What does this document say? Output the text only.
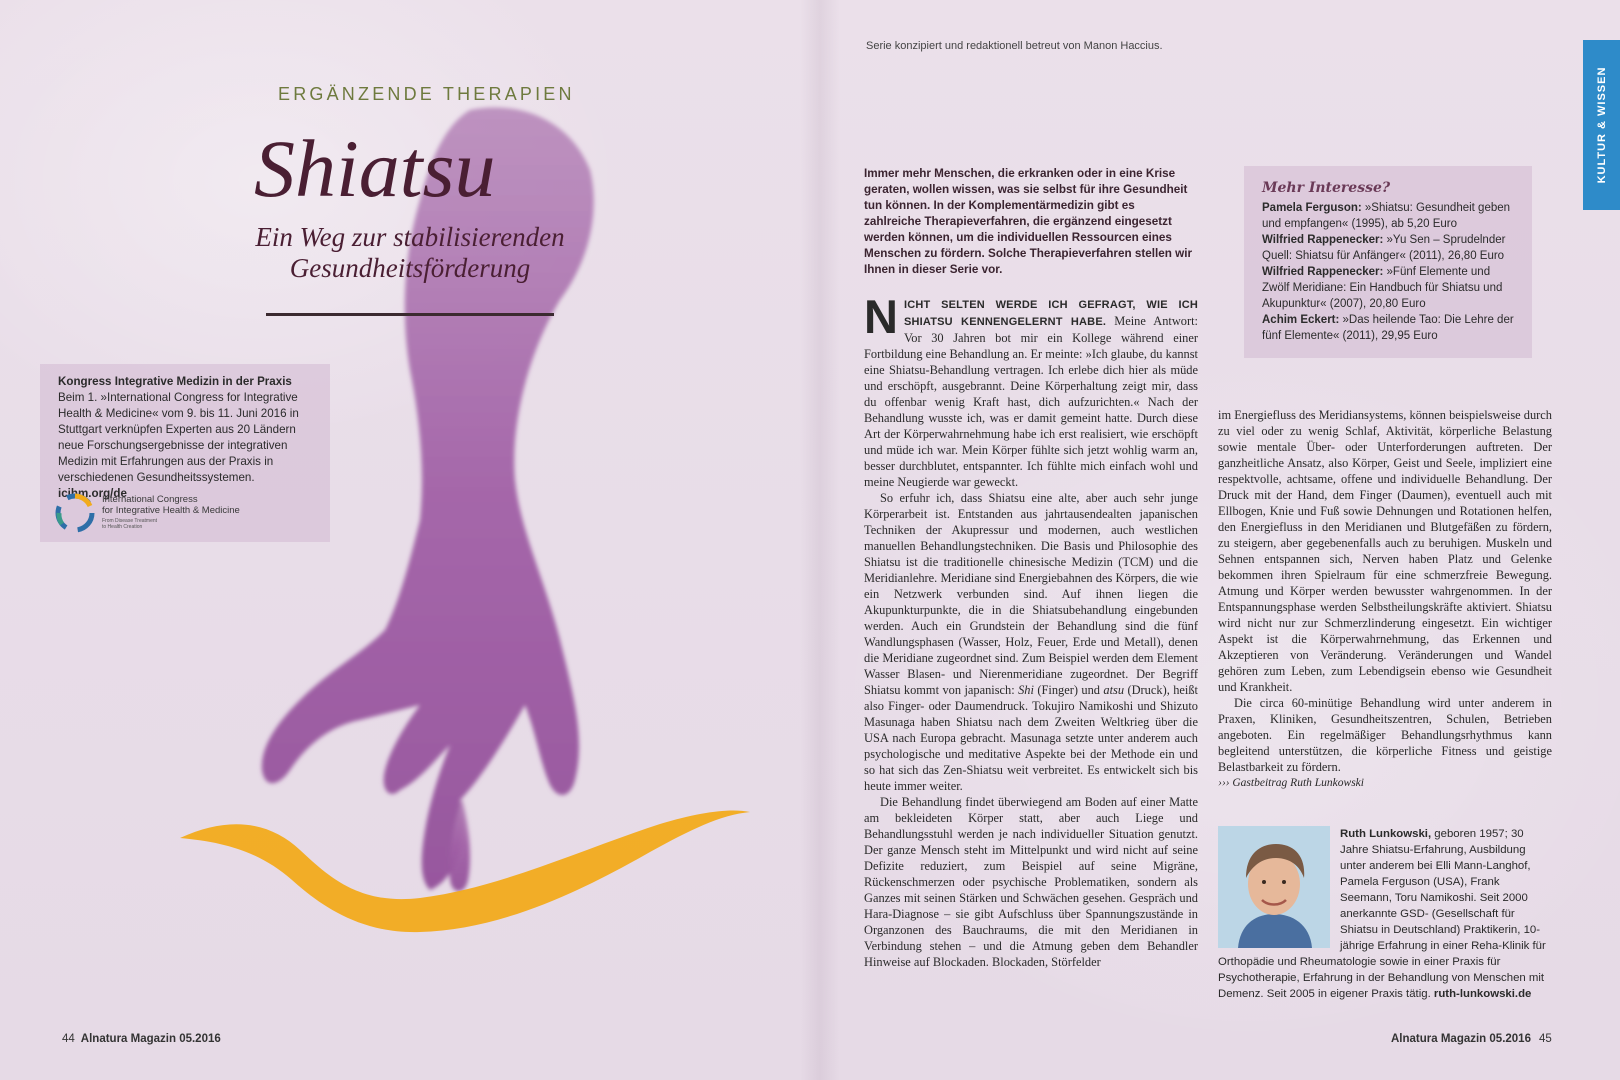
ERGÄNZENDE THERAPIEN
Shiatsu
Ein Weg zur stabilisierenden
Gesundheitsförderung
Kongress Integrative Medizin in der Praxis
Beim 1. »International Congress for Integrative Health & Medicine« vom 9. bis 11. Juni 2016 in Stuttgart verknüpfen Experten aus 20 Ländern neue Forschungsergebnisse der integrativen Medizin mit Erfahrungen aus der Praxis in verschiedenen Gesundheitssystemen. icihm.org/de
International Congress
for Integrative Health & Medicine
From Disease Treatment
to Health Creation
44 Alnatura Magazin 05.2016
Serie konzipiert und redaktionell betreut von Manon Haccius.
KULTUR & WISSEN
Immer mehr Menschen, die erkranken oder in eine Krise geraten, wollen wissen, was sie selbst für ihre Gesundheit tun können. In der Komplementärmedizin gibt es zahlreiche Therapieverfahren, die ergänzend eingesetzt werden können, um die individuellen Ressourcen eines Menschen zu fördern. Solche Therapieverfahren stellen wir Ihnen in dieser Serie vor.
Mehr Interesse?
Pamela Ferguson: »Shiatsu: Gesundheit geben und empfangen« (1995), ab 5,20 Euro
Wilfried Rappenecker: »Yu Sen – Sprudelnder Quell: Shiatsu für Anfänger« (2011), 26,80 Euro
Wilfried Rappenecker: »Fünf Elemente und Zwölf Meridiane: Ein Handbuch für Shiatsu und Akupunktur« (2007), 20,80 Euro
Achim Eckert: »Das heilende Tao: Die Lehre der fünf Elemente« (2011), 29,95 Euro

NICHT SELTEN WERDE ICH GEFRAGT, WIE ICH SHIATSU KENNENGELERNT HABE. Meine Antwort: Vor 30 Jahren bot mir ein Kollege während einer Fortbildung eine Behandlung an. Er meinte: »Ich glaube, du kannst eine Shiatsu-Behandlung vertragen. Ich erlebe dich hier als müde und erschöpft, ausgebrannt. Deine Körperhaltung zeigt mir, dass du offenbar wenig Kraft hast, dich aufzurichten.« Nach der Behandlung wusste ich, was er damit gemeint hatte. Durch diese Art der Körperwahrnehmung habe ich erst realisiert, wie erschöpft und müde ich war. Mein Körper fühlte sich jetzt wohlig warm an, besser durchblutet, entspannter. Ich fühlte mich einfach wohl und meine Neugierde war geweckt.

So erfuhr ich, dass Shiatsu eine alte, aber auch sehr junge Körperarbeit ist. Entstanden aus jahrtausendealten japanischen Techniken der Akupressur und modernen, auch westlichen manuellen Behandlungstechniken. Die Basis und Philosophie des Shiatsu ist die traditionelle chinesische Medizin (TCM) und die Meridianlehre. Meridiane sind Energiebahnen des Körpers, die wie ein Netzwerk verbunden sind. Auf ihnen liegen die Akupunkturpunkte, die in die Shiatsubehandlung eingebunden werden. Auch ein Grundstein der Behandlung sind die fünf Wandlungsphasen (Wasser, Holz, Feuer, Erde und Metall), denen die Meridiane zugeordnet sind. Zum Beispiel werden dem Element Wasser Blasen- und Nierenmeridiane zugeordnet. Der Begriff Shiatsu kommt von japanisch: Shi (Finger) und atsu (Druck), heißt also Finger- oder Daumendruck. Tokujiro Namikoshi und Shizuto Masunaga haben Shiatsu nach dem Zweiten Weltkrieg über die USA nach Europa gebracht. Masunaga setzte unter anderem auch psychologische und meditative Aspekte bei der Methode ein und so hat sich das Zen-Shiatsu weit verbreitet. Es entwickelt sich bis heute immer weiter.

Die Behandlung findet überwiegend am Boden auf einer Matte am bekleideten Körper statt, aber auch Liege und Behandlungsstuhl werden je nach individueller Situation genutzt. Der ganze Mensch steht im Mittelpunkt und wird nicht auf seine Defizite reduziert, zum Beispiel auf seine Migräne, Rückenschmerzen oder psychische Problematiken, sondern als Ganzes mit seinen Stärken und Schwächen gesehen. Gespräch und Hara-Diagnose – sie gibt Aufschluss über Spannungszustände in Organzonen des Bauchraums, die mit den Meridianen in Verbindung stehen – und die Atmung geben dem Behandler Hinweise auf Blockaden. Blockaden, Störfelder

im Energiefluss des Meridiansystems, können beispielsweise durch zu viel oder zu wenig Schlaf, Aktivität, körperliche Belastung sowie mentale Über- oder Unterforderungen auftreten. Der ganzheitliche Ansatz, also Körper, Geist und Seele, impliziert eine respektvolle, achtsame, offene und individuelle Behandlung. Der Druck mit der Hand, dem Finger (Daumen), eventuell auch mit Ellbogen, Knie und Fuß sowie Dehnungen und Rotationen helfen, den Energiefluss in den Meridianen und Blutgefäßen zu fördern, zu steigern, aber gegebenenfalls auch zu beruhigen. Muskeln und Sehnen entspannen sich, Nerven haben Platz und Gelenke bekommen ihren Spielraum für eine schmerzfreie Bewegung. Atmung und Körper werden bewusster wahrgenommen. In der Entspannungsphase werden Selbstheilungskräfte aktiviert. Shiatsu wird nicht nur zur Schmerzlinderung eingesetzt. Ein wichtiger Aspekt ist die Körperwahrnehmung, das Erkennen und Akzeptieren von Veränderung. Veränderungen und Wandel gehören zum Leben, zum Lebendigsein ebenso wie Gesundheit und Krankheit.

Die circa 60-minütige Behandlung wird unter anderem in Praxen, Kliniken, Gesundheitszentren, Schulen, Betrieben angeboten. Ein regelmäßiger Behandlungsrhythmus kann begleitend unterstützen, die körperliche Fitness und geistige Belastbarkeit zu fördern.

››› Gastbeitrag Ruth Lunkowski

Ruth Lunkowski, geboren 1957; 30 Jahre Shiatsu-Erfahrung, Ausbildung unter anderem bei Elli Mann-Langhof, Pamela Ferguson (USA), Frank Seemann, Toru Namikoshi. Seit 2000 anerkannte GSD- (Gesellschaft für Shiatsu in Deutschland) Praktikerin, 10-jährige Erfahrung in einer Reha-Klinik für Orthopädie und Rheumatologie sowie in einer Praxis für Psychotherapie, Erfahrung in der Behandlung von Menschen mit Demenz. Seit 2005 in eigener Praxis tätig. ruth-lunkowski.de
Alnatura Magazin 05.2016 45
